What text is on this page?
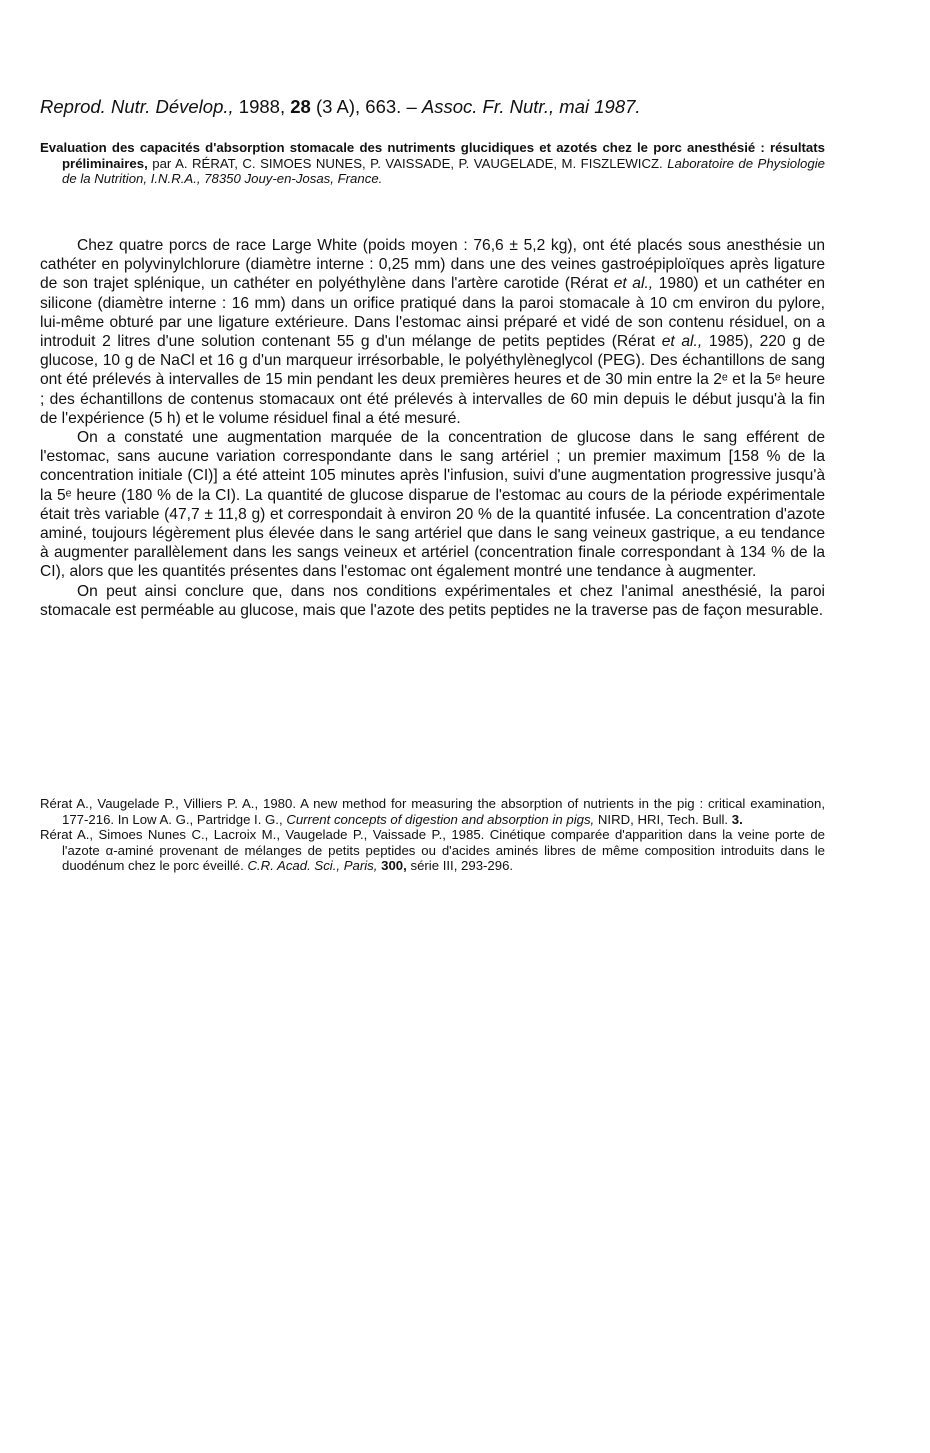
Reprod. Nutr. Dévelop., 1988, 28 (3 A), 663. – Assoc. Fr. Nutr., mai 1987.

Evaluation des capacités d'absorption stomacale des nutriments glucidiques et azotés chez le porc anesthésié : résultats préliminaires, par A. RÉRAT, C. SIMOES NUNES, P. VAISSADE, P. VAUGELADE, M. FISZLEWICZ. Laboratoire de Physiologie de la Nutrition, I.N.R.A., 78350 Jouy-en-Josas, France.

Chez quatre porcs de race Large White (poids moyen : 76,6 ± 5,2 kg), ont été placés sous anesthésie un cathéter en polyvinylchlorure (diamètre interne : 0,25 mm) dans une des veines gastroépiploïques après ligature de son trajet splénique, un cathéter en polyéthylène dans l'artère carotide (Rérat et al., 1980) et un cathéter en silicone (diamètre interne : 16 mm) dans un orifice pratiqué dans la paroi stomacale à 10 cm environ du pylore, lui-même obturé par une ligature extérieure. Dans l'estomac ainsi préparé et vidé de son contenu résiduel, on a introduit 2 litres d'une solution contenant 55 g d'un mélange de petits peptides (Rérat et al., 1985), 220 g de glucose, 10 g de NaCl et 16 g d'un marqueur irrésorbable, le polyéthylèneglycol (PEG). Des échantillons de sang ont été prélevés à intervalles de 15 min pendant les deux premières heures et de 30 min entre la 2ᵉ et la 5ᵉ heure ; des échantillons de contenus stomacaux ont été prélevés à intervalles de 60 min depuis le début jusqu'à la fin de l'expérience (5 h) et le volume résiduel final a été mesuré.

On a constaté une augmentation marquée de la concentration de glucose dans le sang efférent de l'estomac, sans aucune variation correspondante dans le sang artériel ; un premier maximum [158 % de la concentration initiale (CI)] a été atteint 105 minutes après l'infusion, suivi d'une augmentation progressive jusqu'à la 5ᵉ heure (180 % de la CI). La quantité de glucose disparue de l'estomac au cours de la période expérimentale était très variable (47,7 ± 11,8 g) et correspondait à environ 20 % de la quantité infusée. La concentration d'azote aminé, toujours légèrement plus élevée dans le sang artériel que dans le sang veineux gastrique, a eu tendance à augmenter parallèlement dans les sangs veineux et artériel (concentration finale correspondant à 134 % de la CI), alors que les quantités présentes dans l'estomac ont également montré une tendance à augmenter.

On peut ainsi conclure que, dans nos conditions expérimentales et chez l'animal anesthésié, la paroi stomacale est perméable au glucose, mais que l'azote des petits peptides ne la traverse pas de façon mesurable.

Rérat A., Vaugelade P., Villiers P. A., 1980. A new method for measuring the absorption of nutrients in the pig : critical examination, 177-216. In Low A. G., Partridge I. G., Current concepts of digestion and absorption in pigs, NIRD, HRI, Tech. Bull. 3.

Rérat A., Simoes Nunes C., Lacroix M., Vaugelade P., Vaissade P., 1985. Cinétique comparée d'apparition dans la veine porte de l'azote α-aminé provenant de mélanges de petits peptides ou d'acides aminés libres de même composition introduits dans le duodénum chez le porc éveillé. C.R. Acad. Sci., Paris, 300, série III, 293-296.
